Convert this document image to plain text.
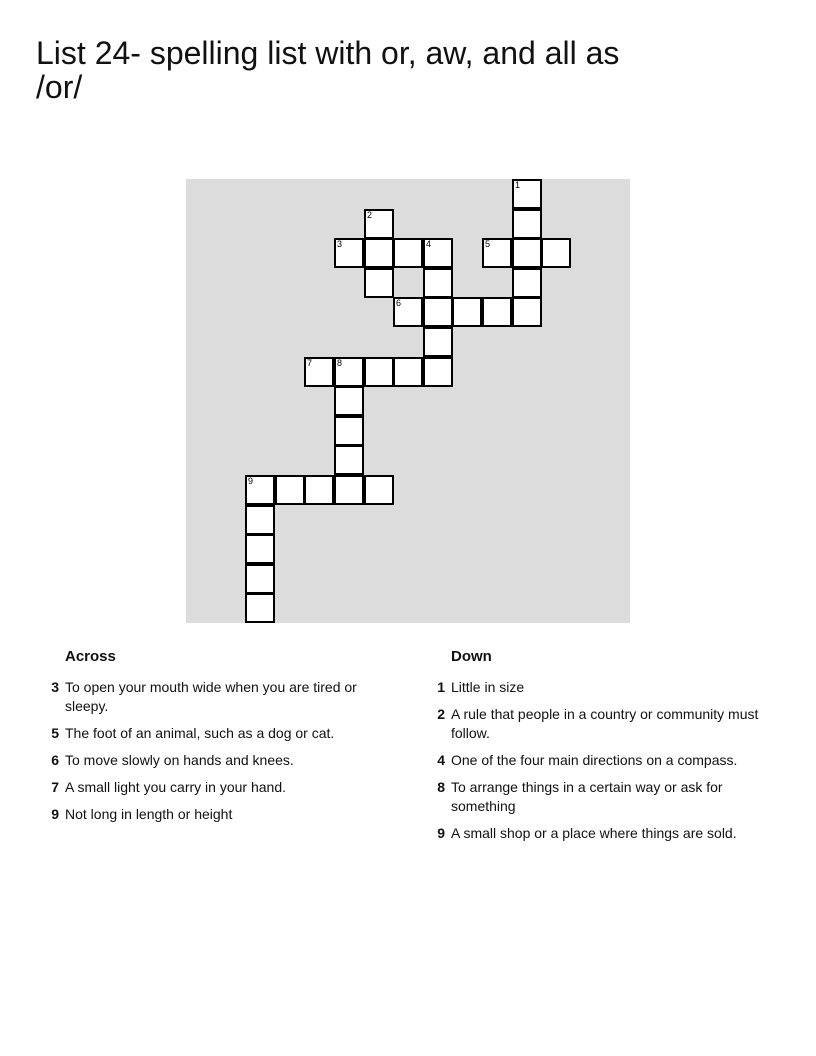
List 24- spelling list with or, aw, and all as /or/
1
2
3	4	5
6
7	8
9
Across
3 To open your mouth wide when you are tired or sleepy.
5 The foot of an animal, such as a dog or cat.
6 To move slowly on hands and knees.
7 A small light you carry in your hand.
9 Not long in length or height
Down
1 Little in size
2 A rule that people in a country or community must follow.
4 One of the four main directions on a compass.
8 To arrange things in a certain way or ask for something
9 A small shop or a place where things are sold.
